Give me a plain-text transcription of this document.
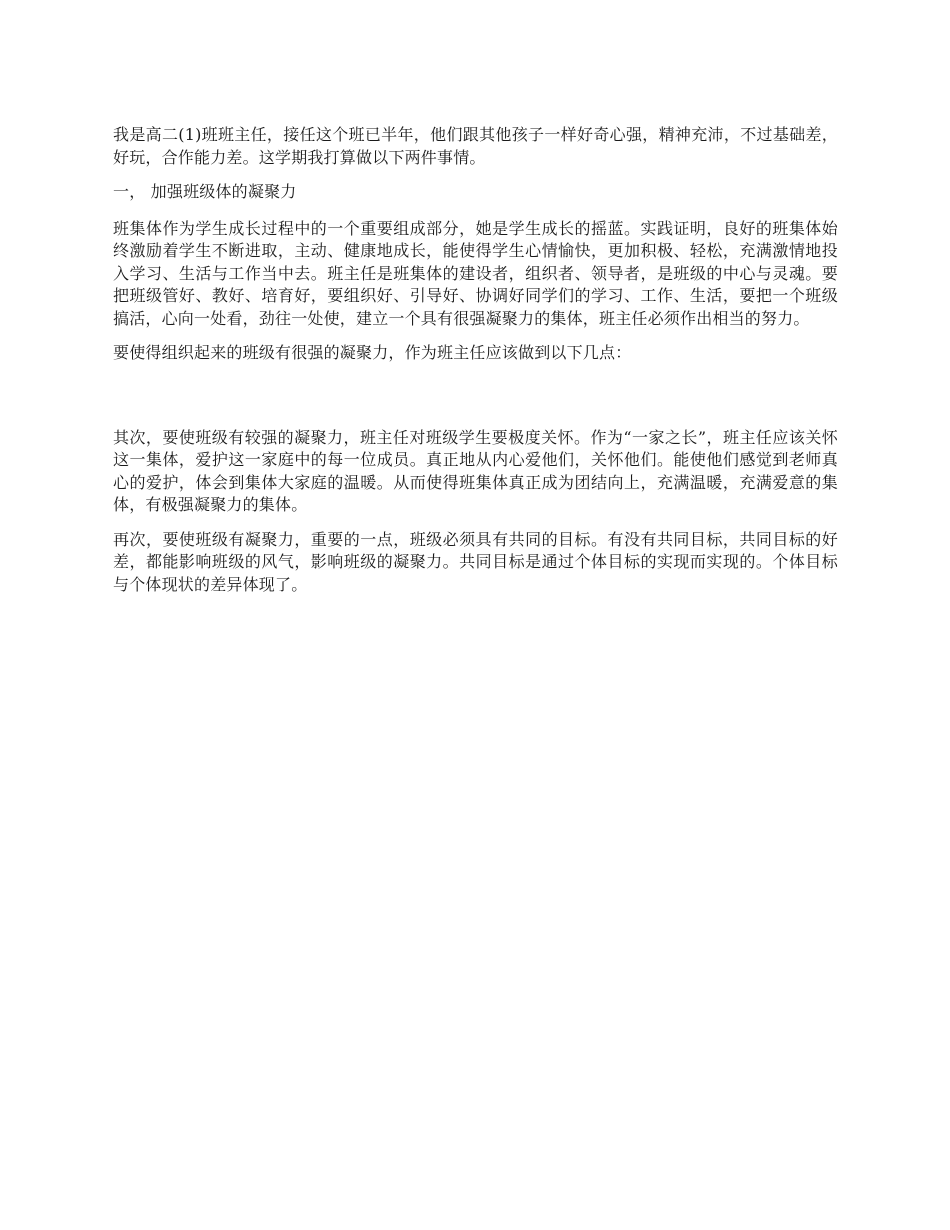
我是高二(1)班班主任，接任这个班已半年，他们跟其他孩子一样好奇心强，精神充沛，不过基础差，好玩，合作能力差。这学期我打算做以下两件事情。

一， 加强班级体的凝聚力

班集体作为学生成长过程中的一个重要组成部分，她是学生成长的摇蓝。实践证明，良好的班集体始终激励着学生不断进取，主动、健康地成长，能使得学生心情愉快，更加积极、轻松，充满激情地投入学习、生活与工作当中去。班主任是班集体的建设者，组织者、领导者，是班级的中心与灵魂。要把班级管好、教好、培育好，要组织好、引导好、协调好同学们的学习、工作、生活，要把一个班级搞活，心向一处看，劲往一处使，建立一个具有很强凝聚力的集体，班主任必须作出相当的努力。

要使得组织起来的班级有很强的凝聚力，作为班主任应该做到以下几点：

其次，要使班级有较强的凝聚力，班主任对班级学生要极度关怀。作为“一家之长”，班主任应该关怀这一集体，爱护这一家庭中的每一位成员。真正地从内心爱他们，关怀他们。能使他们感觉到老师真心的爱护，体会到集体大家庭的温暖。从而使得班集体真正成为团结向上，充满温暖，充满爱意的集体，有极强凝聚力的集体。

再次，要使班级有凝聚力，重要的一点，班级必须具有共同的目标。有没有共同目标，共同目标的好差，都能影响班级的风气，影响班级的凝聚力。共同目标是通过个体目标的实现而实现的。个体目标与个体现状的差异体现了。
